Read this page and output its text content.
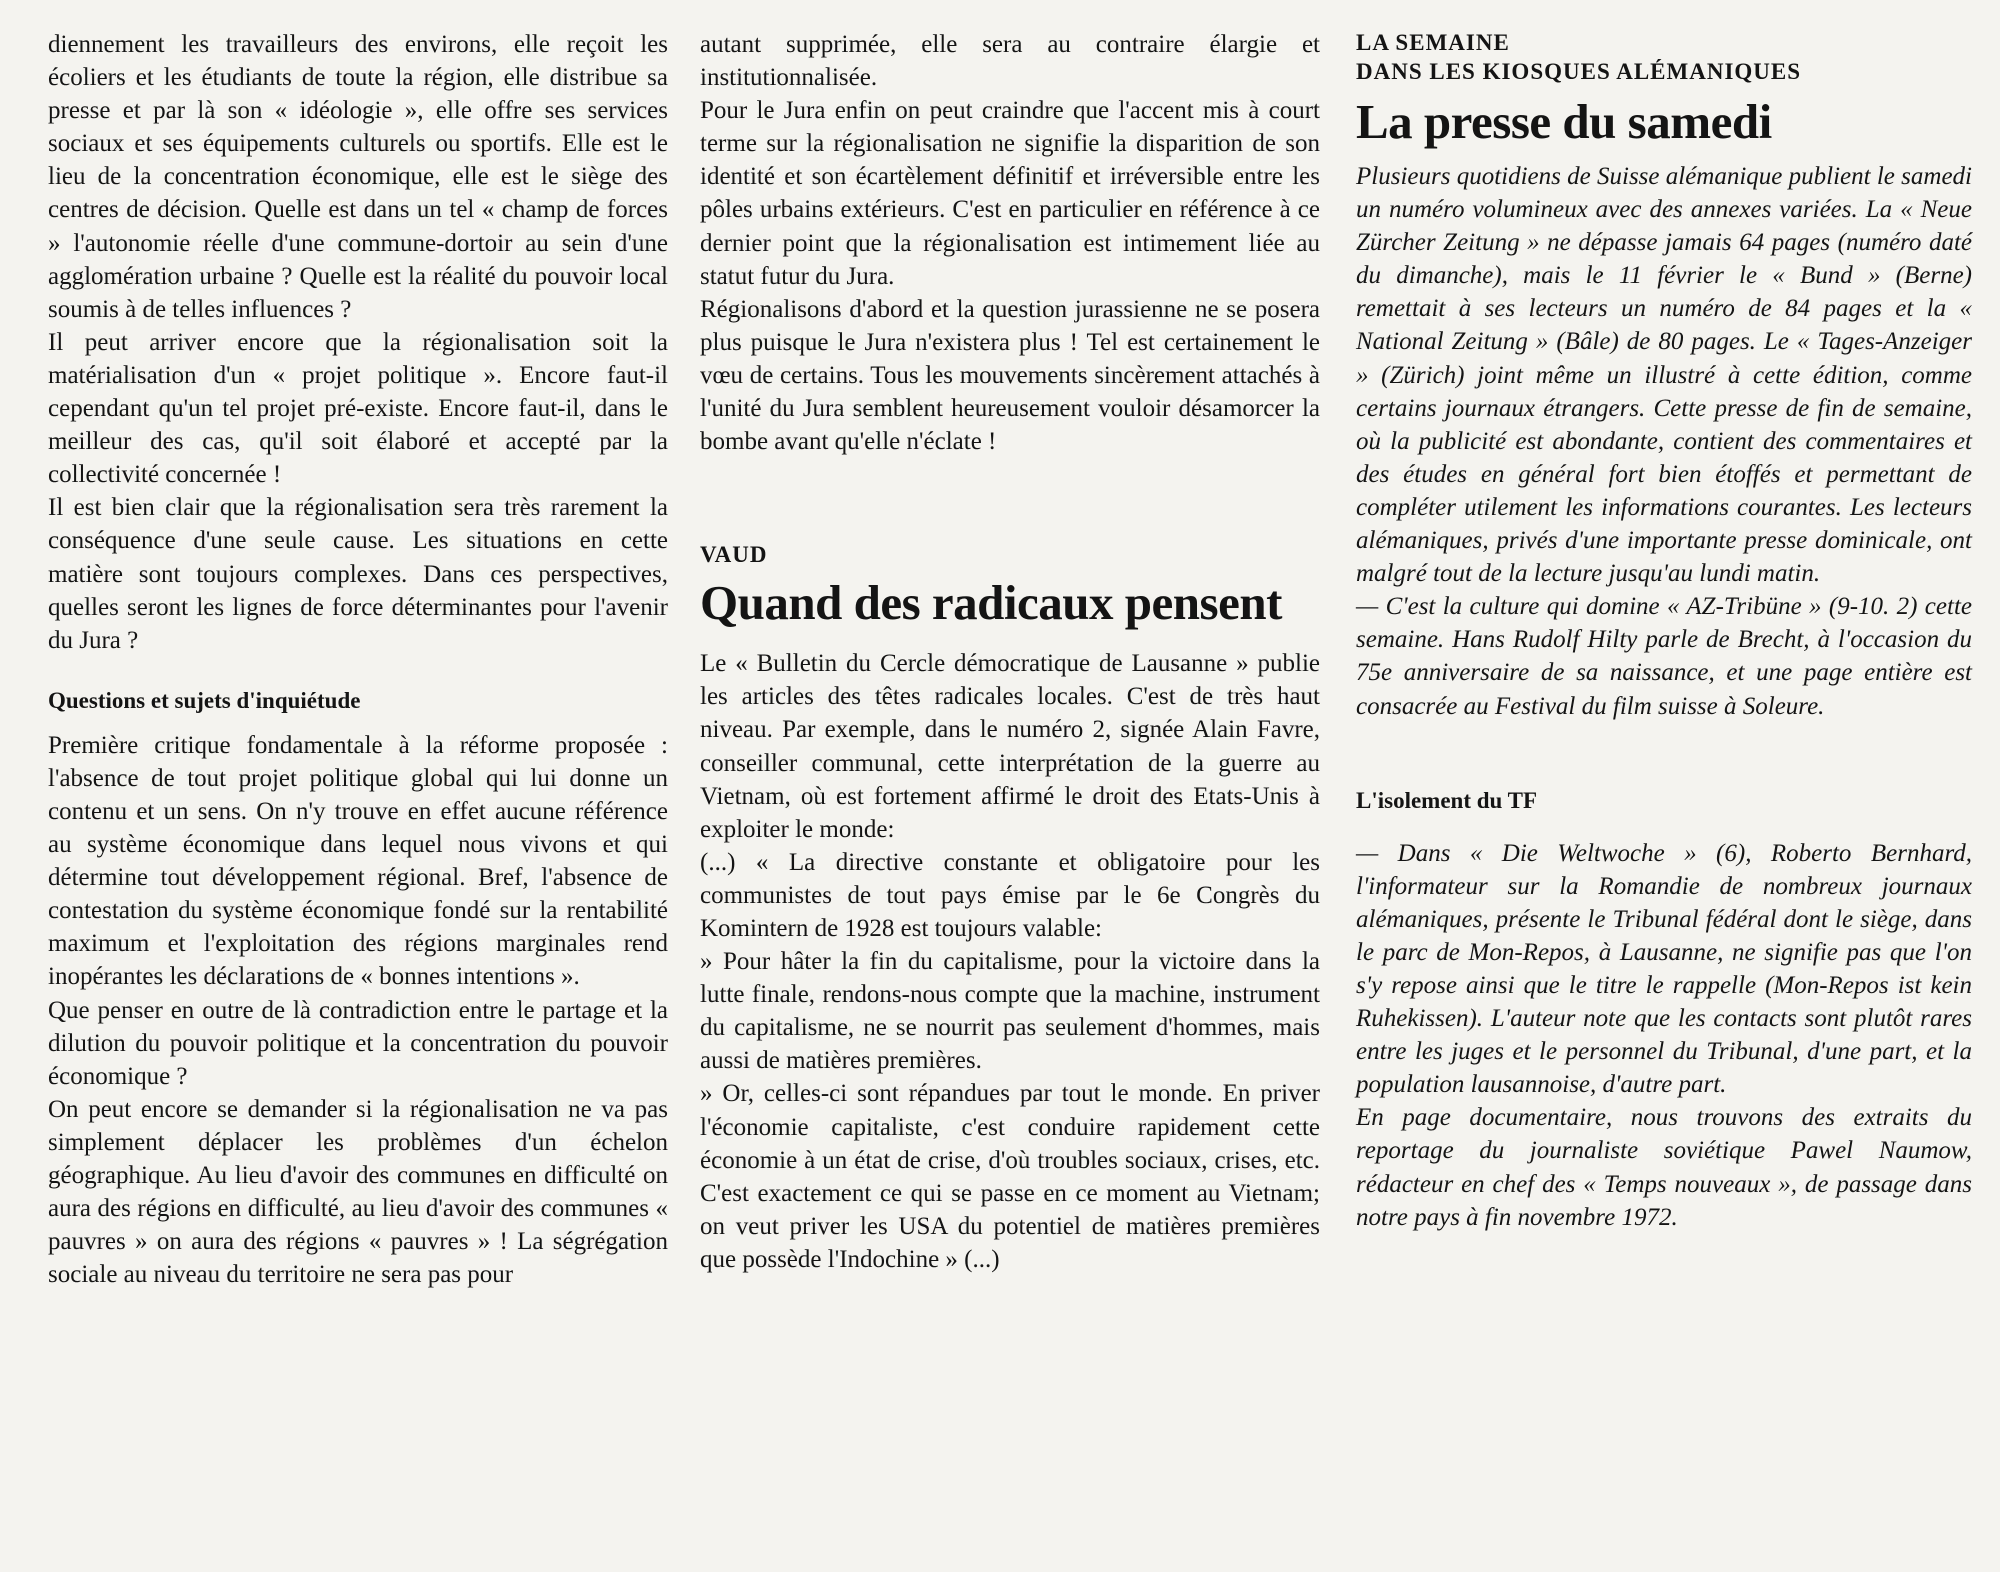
diennement les travailleurs des environs, elle reçoit les écoliers et les étudiants de toute la région, elle distribue sa presse et par là son « idéologie », elle offre ses services sociaux et ses équipements culturels ou sportifs. Elle est le lieu de la concentration économique, elle est le siège des centres de décision. Quelle est dans un tel « champ de forces » l'autonomie réelle d'une commune-dortoir au sein d'une agglomération urbaine ? Quelle est la réalité du pouvoir local soumis à de telles influences ?

Il peut arriver encore que la régionalisation soit la matérialisation d'un « projet politique ». Encore faut-il cependant qu'un tel projet pré-existe. Encore faut-il, dans le meilleur des cas, qu'il soit élaboré et accepté par la collectivité concernée !

Il est bien clair que la régionalisation sera très rarement la conséquence d'une seule cause. Les situations en cette matière sont toujours complexes. Dans ces perspectives, quelles seront les lignes de force déterminantes pour l'avenir du Jura ?

Questions et sujets d'inquiétude

Première critique fondamentale à la réforme proposée : l'absence de tout projet politique global qui lui donne un contenu et un sens. On n'y trouve en effet aucune référence au système économique dans lequel nous vivons et qui détermine tout développement régional. Bref, l'absence de contestation du système économique fondé sur la rentabilité maximum et l'exploitation des régions marginales rend inopérantes les déclarations de « bonnes intentions ».

Que penser en outre de là contradiction entre le partage et la dilution du pouvoir politique et la concentration du pouvoir économique ?

On peut encore se demander si la régionalisation ne va pas simplement déplacer les problèmes d'un échelon géographique. Au lieu d'avoir des communes en difficulté on aura des régions en difficulté, au lieu d'avoir des communes « pauvres » on aura des régions « pauvres » ! La ségrégation sociale au niveau du territoire ne sera pas pour

autant supprimée, elle sera au contraire élargie et institutionnalisée.

Pour le Jura enfin on peut craindre que l'accent mis à court terme sur la régionalisation ne signifie la disparition de son identité et son écartèlement définitif et irréversible entre les pôles urbains extérieurs. C'est en particulier en référence à ce dernier point que la régionalisation est intimement liée au statut futur du Jura.

Régionalisons d'abord et la question jurassienne ne se posera plus puisque le Jura n'existera plus ! Tel est certainement le vœu de certains. Tous les mouvements sincèrement attachés à l'unité du Jura semblent heureusement vouloir désamorcer la bombe avant qu'elle n'éclate !

VAUD
Quand des radicaux pensent

Le « Bulletin du Cercle démocratique de Lausanne » publie les articles des têtes radicales locales. C'est de très haut niveau. Par exemple, dans le numéro 2, signée Alain Favre, conseiller communal, cette interprétation de la guerre au Vietnam, où est fortement affirmé le droit des Etats-Unis à exploiter le monde:

(...) « La directive constante et obligatoire pour les communistes de tout pays émise par le 6e Congrès du Komintern de 1928 est toujours valable:

» Pour hâter la fin du capitalisme, pour la victoire dans la lutte finale, rendons-nous compte que la machine, instrument du capitalisme, ne se nourrit pas seulement d'hommes, mais aussi de matières premières.

» Or, celles-ci sont répandues par tout le monde. En priver l'économie capitaliste, c'est conduire rapidement cette économie à un état de crise, d'où troubles sociaux, crises, etc. C'est exactement ce qui se passe en ce moment au Vietnam; on veut priver les USA du potentiel de matières premières que possède l'Indochine » (...)

LA SEMAINE
DANS LES KIOSQUES ALÉMANIQUES
La presse du samedi

Plusieurs quotidiens de Suisse alémanique publient le samedi un numéro volumineux avec des annexes variées. La « Neue Zürcher Zeitung » ne dépasse jamais 64 pages (numéro daté du dimanche), mais le 11 février le « Bund » (Berne) remettait à ses lecteurs un numéro de 84 pages et la « National Zeitung » (Bâle) de 80 pages. Le « Tages-Anzeiger » (Zürich) joint même un illustré à cette édition, comme certains journaux étrangers. Cette presse de fin de semaine, où la publicité est abondante, contient des commentaires et des études en général fort bien étoffés et permettant de compléter utilement les informations courantes. Les lecteurs alémaniques, privés d'une importante presse dominicale, ont malgré tout de la lecture jusqu'au lundi matin.

— C'est la culture qui domine « AZ-Tribüne » (9-10. 2) cette semaine. Hans Rudolf Hilty parle de Brecht, à l'occasion du 75e anniversaire de sa naissance, et une page entière est consacrée au Festival du film suisse à Soleure.

L'isolement du TF

— Dans « Die Weltwoche » (6), Roberto Bernhard, l'informateur sur la Romandie de nombreux journaux alémaniques, présente le Tribunal fédéral dont le siège, dans le parc de Mon-Repos, à Lausanne, ne signifie pas que l'on s'y repose ainsi que le titre le rappelle (Mon-Repos ist kein Ruhekissen). L'auteur note que les contacts sont plutôt rares entre les juges et le personnel du Tribunal, d'une part, et la population lausannoise, d'autre part.

En page documentaire, nous trouvons des extraits du reportage du journaliste soviétique Pawel Naumow, rédacteur en chef des « Temps nouveaux », de passage dans notre pays à fin novembre 1972.
